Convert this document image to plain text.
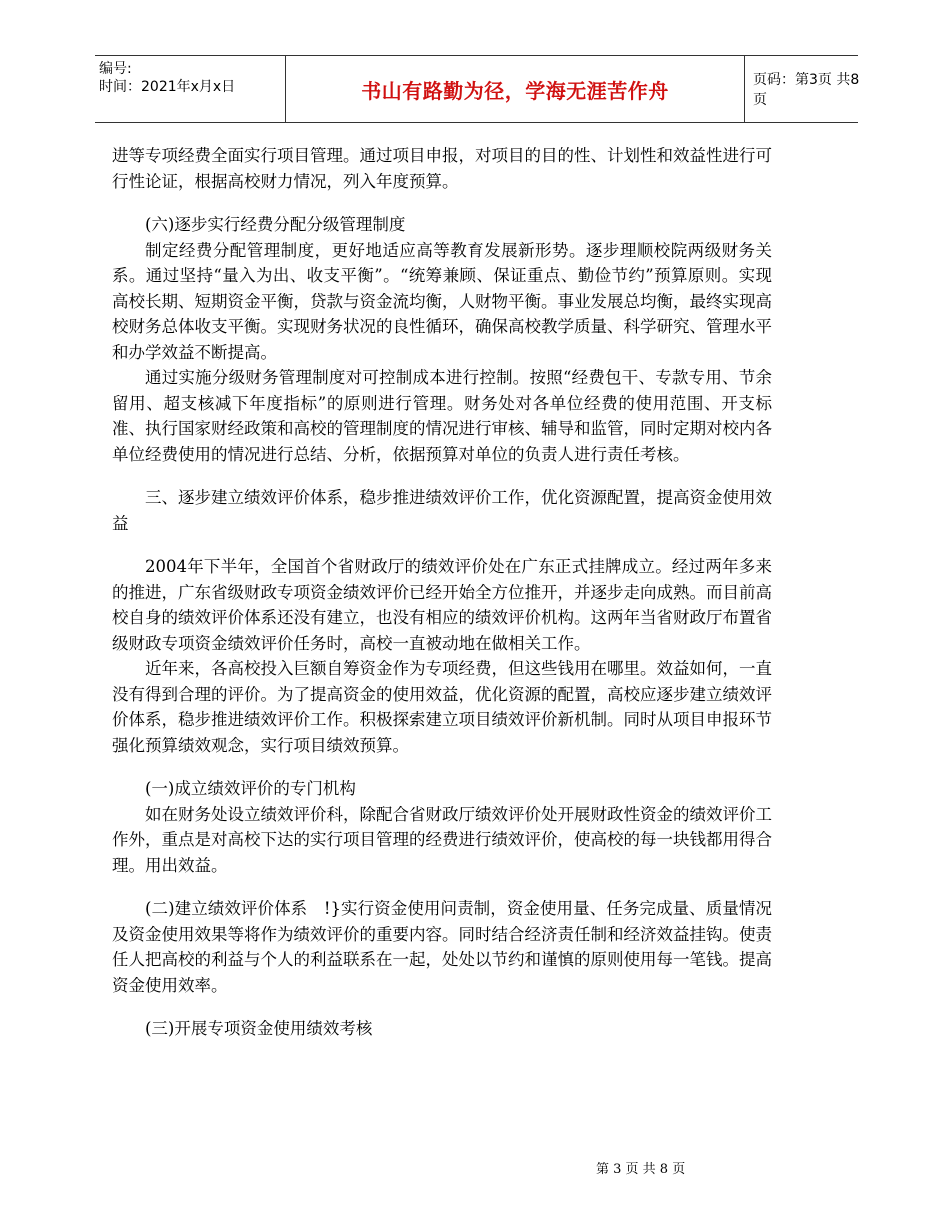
编号:
时间：2021年x月x日	书山有路勤为径，学海无涯苦作舟	页码：第3页 共8页

进等专项经费全面实行项目管理。通过项目申报，对项目的目的性、计划性和效益性进行可行性论证，根据高校财力情况，列入年度预算。

(六)逐步实行经费分配分级管理制度

制定经费分配管理制度，更好地适应高等教育发展新形势。逐步理顺校院两级财务关系。通过坚持“量入为出、收支平衡”。“统筹兼顾、保证重点、勤俭节约”预算原则。实现高校长期、短期资金平衡，贷款与资金流均衡，人财物平衡。事业发展总均衡，最终实现高校财务总体收支平衡。实现财务状况的良性循环，确保高校教学质量、科学研究、管理水平和办学效益不断提高。

通过实施分级财务管理制度对可控制成本进行控制。按照“经费包干、专款专用、节余留用、超支核减下年度指标”的原则进行管理。财务处对各单位经费的使用范围、开支标准、执行国家财经政策和高校的管理制度的情况进行审核、辅导和监管，同时定期对校内各单位经费使用的情况进行总结、分析，依据预算对单位的负责人进行责任考核。

三、逐步建立绩效评价体系，稳步推进绩效评价工作，优化资源配置，提高资金使用效益

2004年下半年，全国首个省财政厅的绩效评价处在广东正式挂牌成立。经过两年多来的推进，广东省级财政专项资金绩效评价已经开始全方位推开，并逐步走向成熟。而目前高校自身的绩效评价体系还没有建立，也没有相应的绩效评价机构。这两年当省财政厅布置省级财政专项资金绩效评价任务时，高校一直被动地在做相关工作。

近年来，各高校投入巨额自筹资金作为专项经费，但这些钱用在哪里。效益如何，一直没有得到合理的评价。为了提高资金的使用效益，优化资源的配置，高校应逐步建立绩效评价体系，稳步推进绩效评价工作。积极探索建立项目绩效评价新机制。同时从项目申报环节强化预算绩效观念，实行项目绩效预算。

(一)成立绩效评价的专门机构

如在财务处设立绩效评价科，除配合省财政厅绩效评价处开展财政性资金的绩效评价工作外，重点是对高校下达的实行项目管理的经费进行绩效评价，使高校的每一块钱都用得合理。用出效益。

(二)建立绩效评价体系　!}实行资金使用问责制，资金使用量、任务完成量、质量情况及资金使用效果等将作为绩效评价的重要内容。同时结合经济责任制和经济效益挂钩。使责任人把高校的利益与个人的利益联系在一起，处处以节约和谨慎的原则使用每一笔钱。提高资金使用效率。

(三)开展专项资金使用绩效考核

第 3 页 共 8 页
